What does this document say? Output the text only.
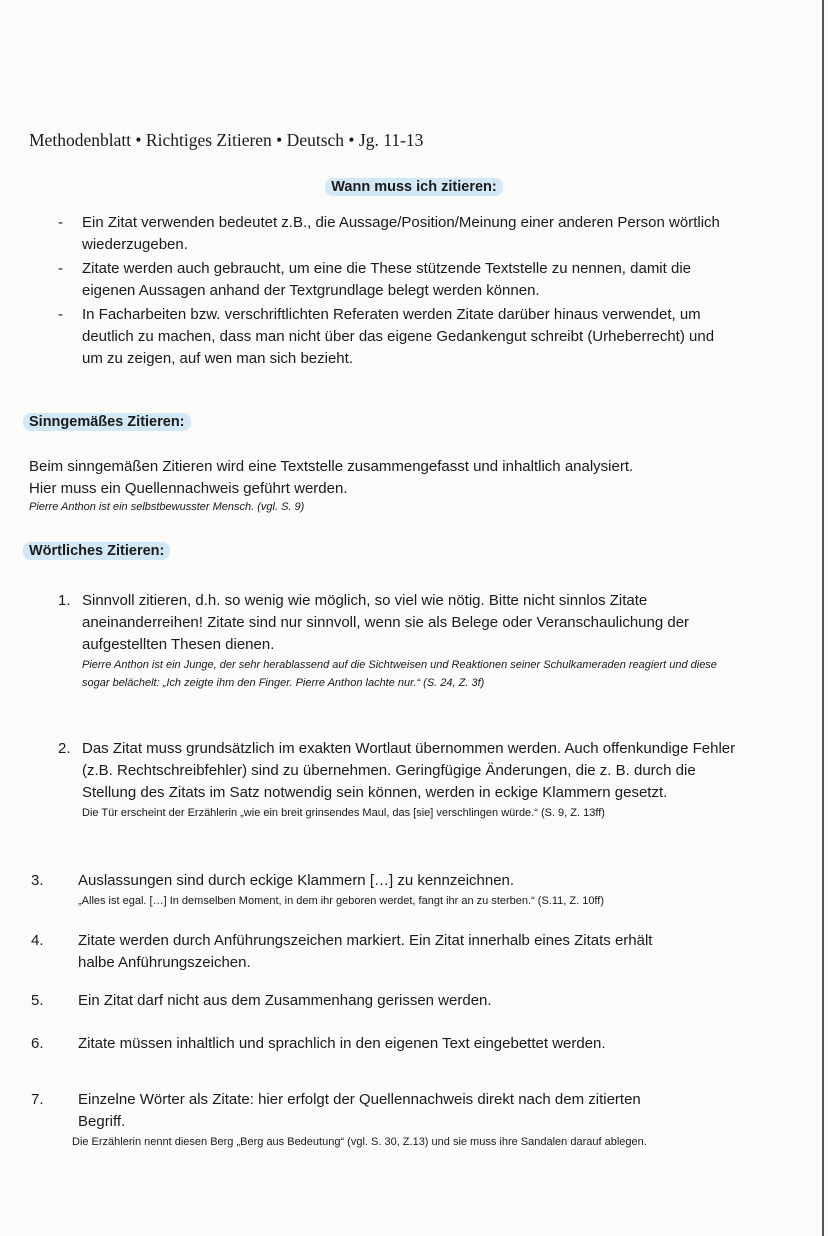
Methodenblatt • Richtiges Zitieren • Deutsch • Jg. 11-13
Wann muss ich zitieren:
- Ein Zitat verwenden bedeutet z.B., die Aussage/Position/Meinung einer anderen Person wörtlich wiederzugeben.
- Zitate werden auch gebraucht, um eine die These stützende Textstelle zu nennen, damit die eigenen Aussagen anhand der Textgrundlage belegt werden können.
- In Facharbeiten bzw. verschriftlichten Referaten werden Zitate darüber hinaus verwendet, um deutlich zu machen, dass man nicht über das eigene Gedankengut schreibt (Urheberrecht) und um zu zeigen, auf wen man sich bezieht.
Sinngemäßes Zitieren:
Beim sinngemäßen Zitieren wird eine Textstelle zusammengefasst und inhaltlich analysiert.
Hier muss ein Quellennachweis geführt werden.
Pierre Anthon ist ein selbstbewusster Mensch. (vgl. S. 9)
Wörtliches Zitieren:
1. Sinnvoll zitieren, d.h. so wenig wie möglich, so viel wie nötig. Bitte nicht sinnlos Zitate aneinanderreihen! Zitate sind nur sinnvoll, wenn sie als Belege oder Veranschaulichung der aufgestellten Thesen dienen.
Pierre Anthon ist ein Junge, der sehr herablassend auf die Sichtweisen und Reaktionen seiner Schulkameraden reagiert und diese sogar belächelt: „Ich zeigte ihm den Finger. Pierre Anthon lachte nur.“ (S. 24, Z. 3f)
2. Das Zitat muss grundsätzlich im exakten Wortlaut übernommen werden. Auch offenkundige Fehler (z.B. Rechtschreibfehler) sind zu übernehmen. Geringfügige Änderungen, die z. B. durch die Stellung des Zitats im Satz notwendig sein können, werden in eckige Klammern gesetzt.
Die Tür erscheint der Erzählerin „wie ein breit grinsendes Maul, das [sie] verschlingen würde.“ (S. 9, Z. 13ff)
3. Auslassungen sind durch eckige Klammern […] zu kennzeichnen.
„Alles ist egal. […] In demselben Moment, in dem ihr geboren werdet, fangt ihr an zu sterben.“ (S.11, Z. 10ff)
4. Zitate werden durch Anführungszeichen markiert. Ein Zitat innerhalb eines Zitats erhält halbe Anführungszeichen.
5. Ein Zitat darf nicht aus dem Zusammenhang gerissen werden.
6. Zitate müssen inhaltlich und sprachlich in den eigenen Text eingebettet werden.
7. Einzelne Wörter als Zitate: hier erfolgt der Quellennachweis direkt nach dem zitierten Begriff.
Die Erzählerin nennt diesen Berg „Berg aus Bedeutung“ (vgl. S. 30, Z.13) und sie muss ihre Sandalen darauf ablegen.
